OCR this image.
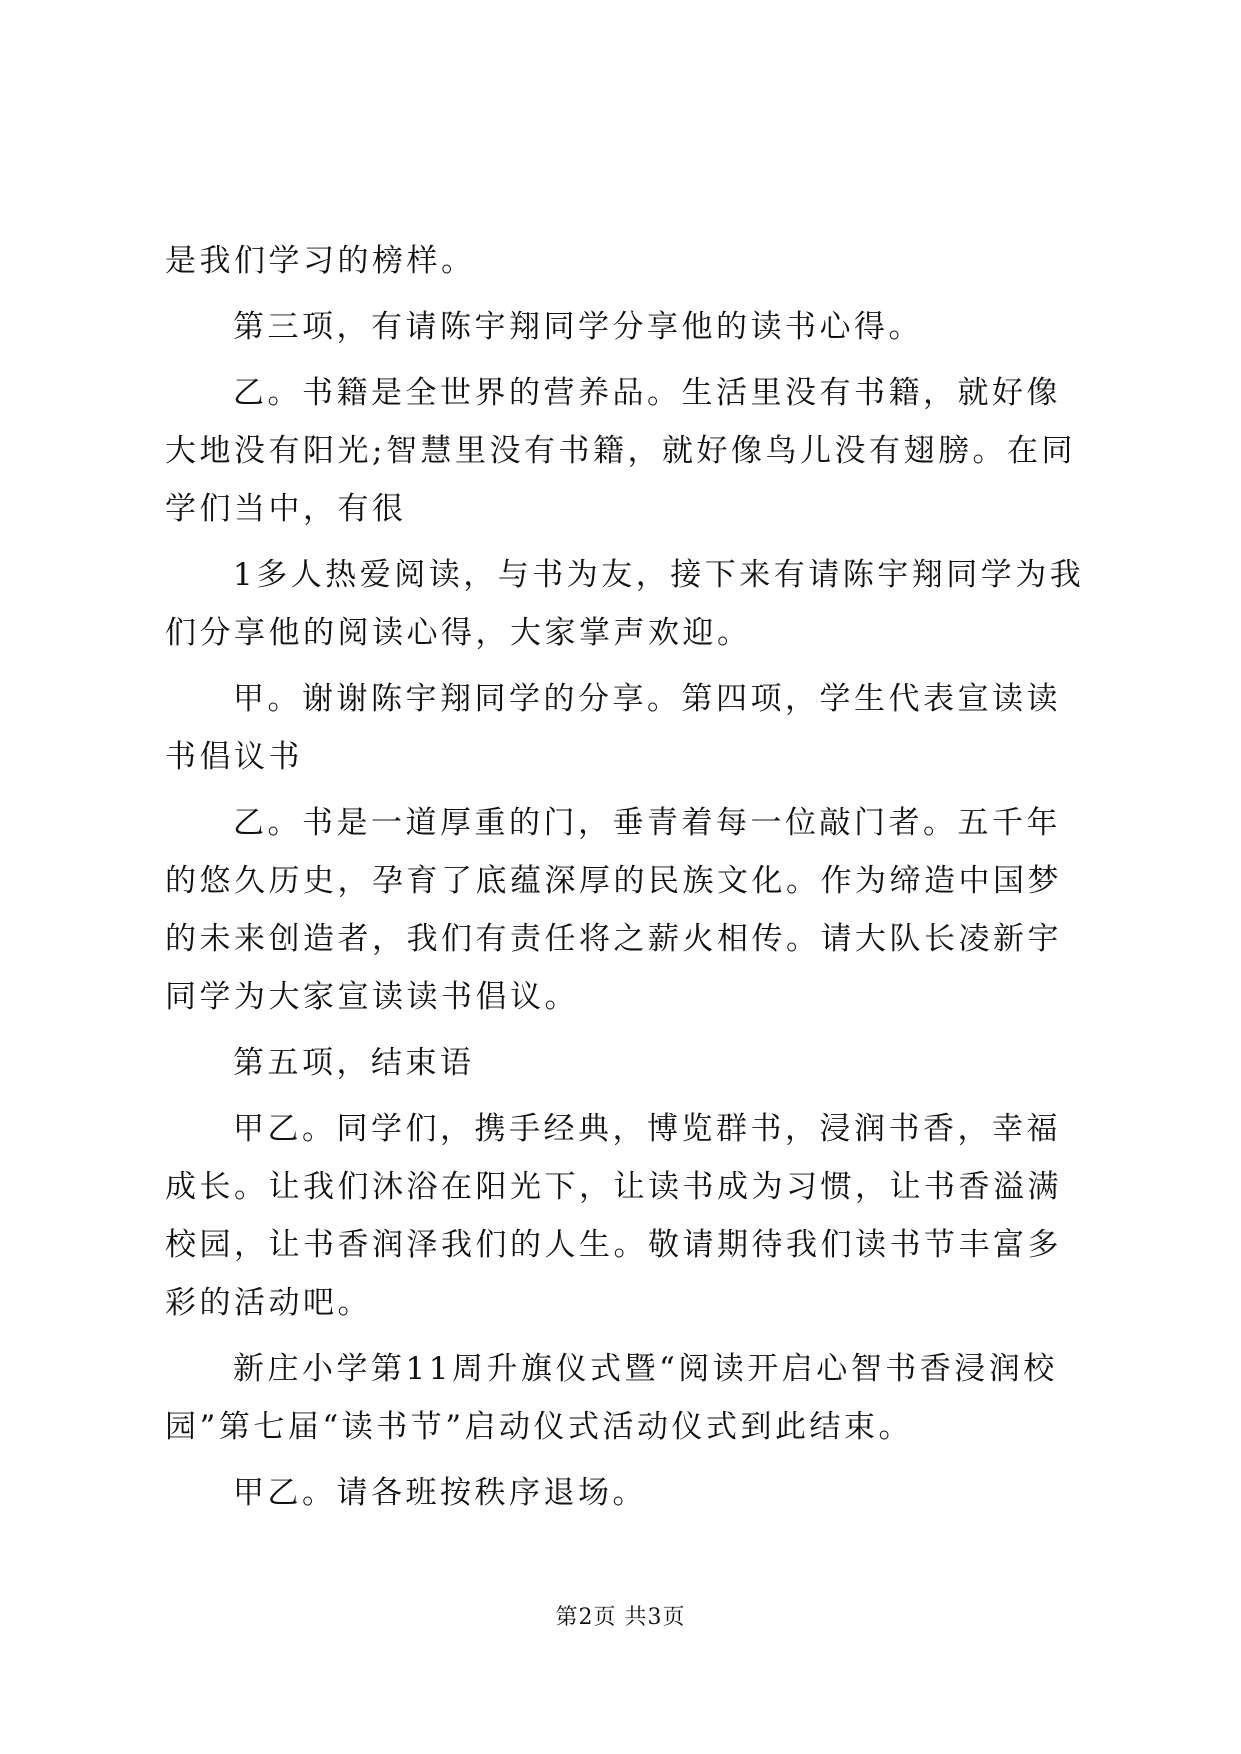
是我们学习的榜样。

第三项，有请陈宇翔同学分享他的读书心得。

乙。书籍是全世界的营养品。生活里没有书籍，就好像大地没有阳光;智慧里没有书籍，就好像鸟儿没有翅膀。在同学们当中，有很

1多人热爱阅读，与书为友，接下来有请陈宇翔同学为我们分享他的阅读心得，大家掌声欢迎。

甲。谢谢陈宇翔同学的分享。第四项，学生代表宣读读书倡议书

乙。书是一道厚重的门，垂青着每一位敲门者。五千年的悠久历史，孕育了底蕴深厚的民族文化。作为缔造中国梦的未来创造者，我们有责任将之薪火相传。请大队长凌新宇同学为大家宣读读书倡议。

第五项，结束语

甲乙。同学们，携手经典，博览群书，浸润书香，幸福成长。让我们沐浴在阳光下，让读书成为习惯，让书香溢满校园，让书香润泽我们的人生。敬请期待我们读书节丰富多彩的活动吧。

新庄小学第11周升旗仪式暨“阅读开启心智书香浸润校园”第七届“读书节”启动仪式活动仪式到此结束。

甲乙。请各班按秩序退场。

第2页 共3页
